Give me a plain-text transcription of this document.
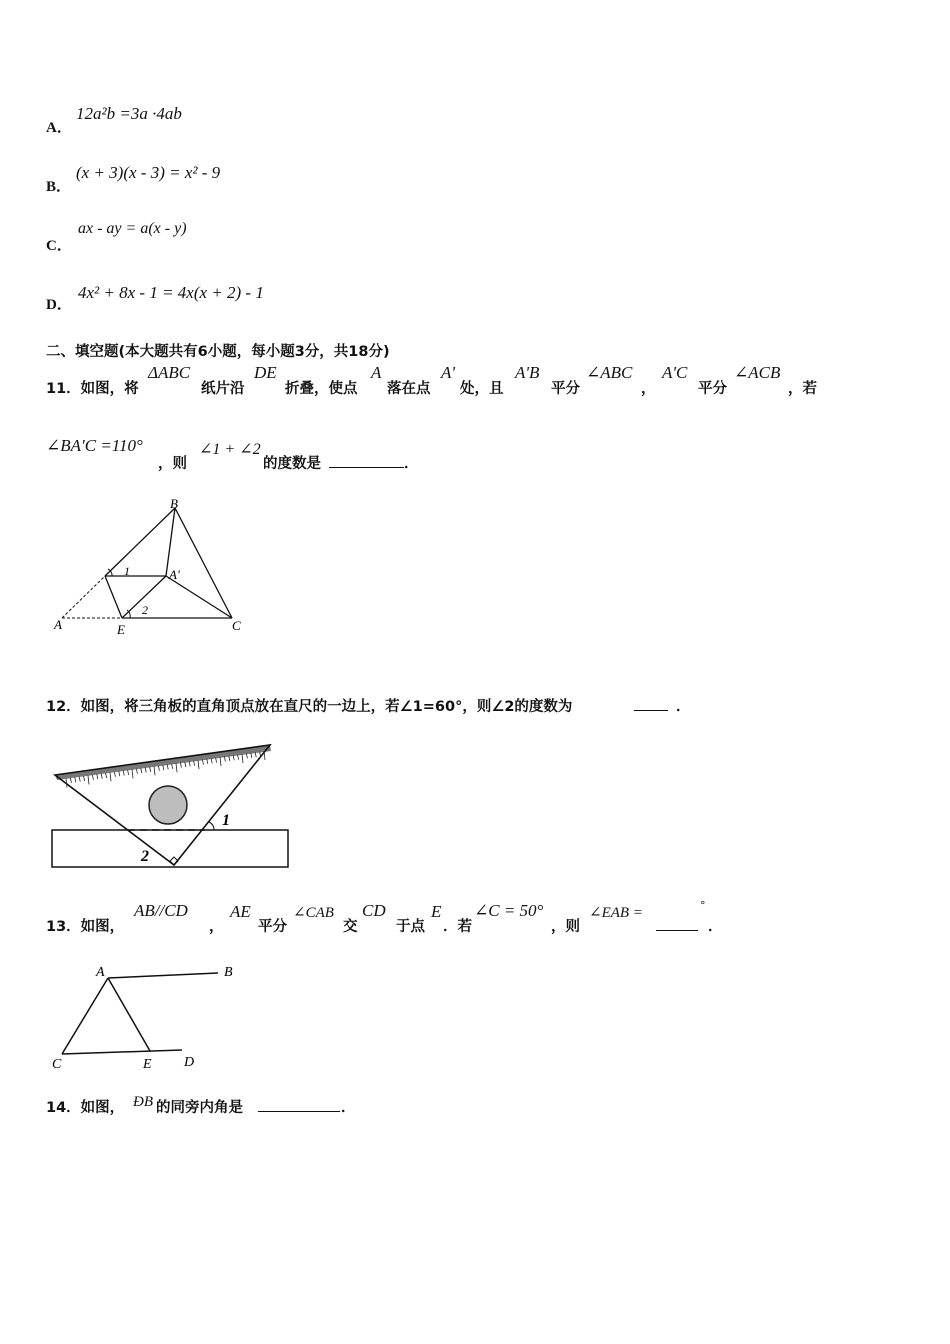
A．
12a²b =3a ·4ab
B．
(x + 3)(x - 3) = x² - 9
C．
ax - ay = a(x - y)
D．
4x² + 8x - 1 = 4x(x + 2) - 1
二、填空题(本大题共有6小题，每小题3分，共18分)
11．如图，将
ΔABC
纸片沿
DE
折叠，使点
A
落在点
A'
处，且
A'B
平分
∠ABC
，
A'C
平分
∠ACB
，若
∠BA′C =110°
，则
∠1 + ∠2
的度数是	．
B
A'
A	E	C
1
2
12．如图，将三角板的直角顶点放在直尺的一边上，若∠1=60°，则∠2的度数为	．
1
2
13．如图，
AB//CD
，
AE
平分
∠CAB
交
CD
于点
E
．若
∠C = 50°
，则
∠EAB =	°
．
A	B
C	E D
14．如图， ÐB 的同旁内角是	．
